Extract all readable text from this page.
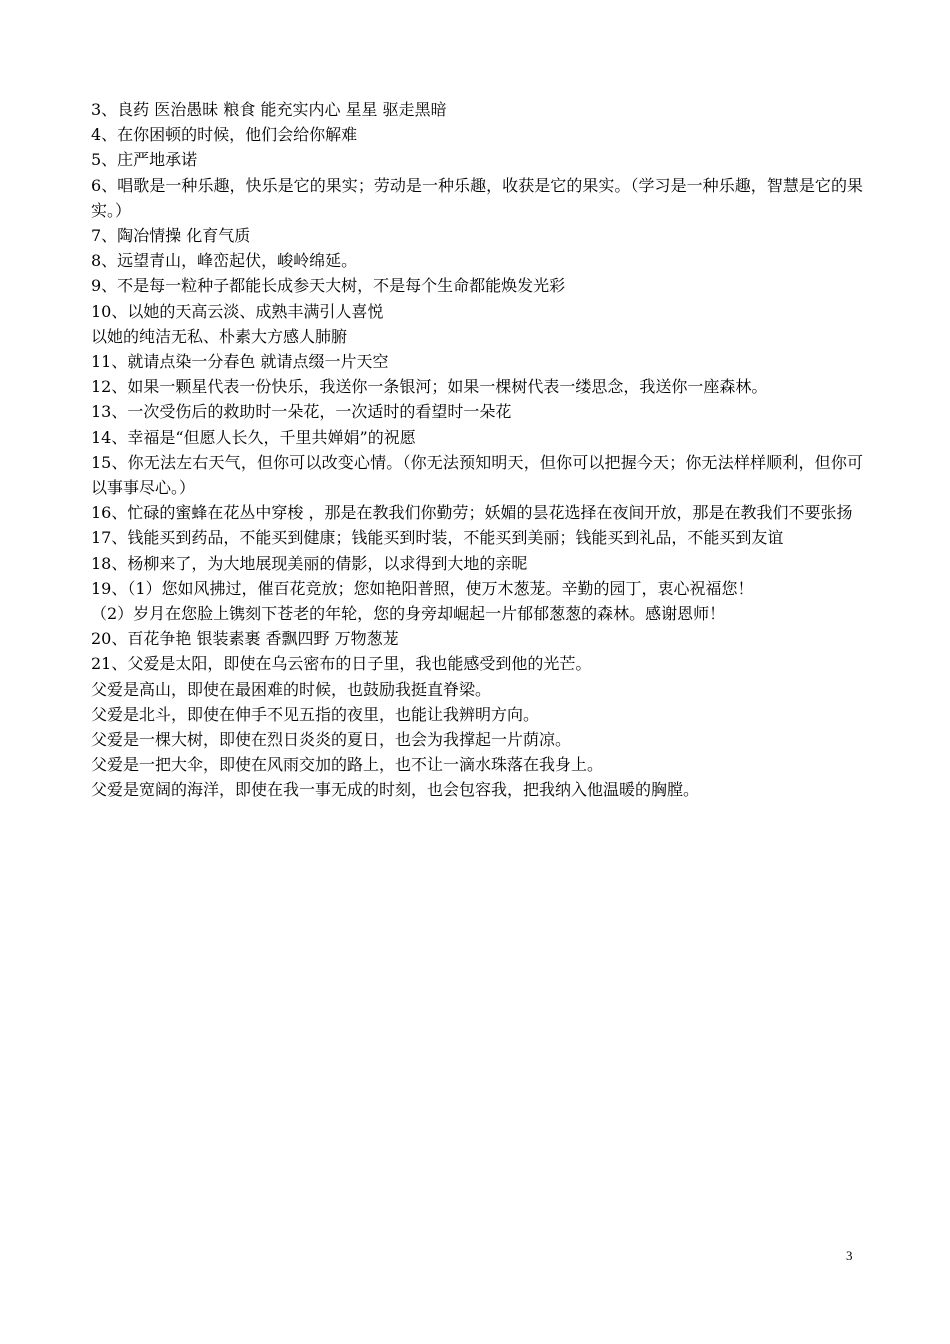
3、良药 医治愚昧 粮食 能充实内心 星星 驱走黑暗

4、在你困顿的时候，他们会给你解难

5、庄严地承诺

6、唱歌是一种乐趣，快乐是它的果实；劳动是一种乐趣，收获是它的果实。（学习是一种乐趣，智慧是它的果实。）

7、陶冶情操 化育气质

8、远望青山，峰峦起伏，峻岭绵延。

9、不是每一粒种子都能长成参天大树，不是每个生命都能焕发光彩

10、以她的天高云淡、成熟丰满引人喜悦

以她的纯洁无私、朴素大方感人肺腑

11、就请点染一分春色 就请点缀一片天空

12、如果一颗星代表一份快乐，我送你一条银河；如果一棵树代表一缕思念，我送你一座森林。

13、一次受伤后的救助时一朵花，一次适时的看望时一朵花

14、幸福是“但愿人长久，千里共婵娟”的祝愿

15、你无法左右天气，但你可以改变心情。（你无法预知明天，但你可以把握今天；你无法样样顺利，但你可以事事尽心。）

16、忙碌的蜜蜂在花丛中穿梭 ，那是在教我们你勤劳；妖媚的昙花选择在夜间开放，那是在教我们不要张扬

17、钱能买到药品，不能买到健康；钱能买到时装，不能买到美丽；钱能买到礼品，不能买到友谊

18、杨柳来了，为大地展现美丽的倩影，以求得到大地的亲昵

19、（1）您如风拂过，催百花竞放；您如艳阳普照，使万木葱茏。辛勤的园丁，衷心祝福您！

（2）岁月在您脸上镌刻下苍老的年轮，您的身旁却崛起一片郁郁葱葱的森林。感谢恩师！

20、百花争艳 银装素裹 香飘四野 万物葱茏

21、父爱是太阳，即使在乌云密布的日子里，我也能感受到他的光芒。

父爱是高山，即使在最困难的时候，也鼓励我挺直脊梁。

父爱是北斗，即使在伸手不见五指的夜里，也能让我辨明方向。

父爱是一棵大树，即使在烈日炎炎的夏日，也会为我撑起一片荫凉。

父爱是一把大伞，即使在风雨交加的路上，也不让一滴水珠落在我身上。

父爱是宽阔的海洋，即使在我一事无成的时刻，也会包容我，把我纳入他温暖的胸膛。

3
